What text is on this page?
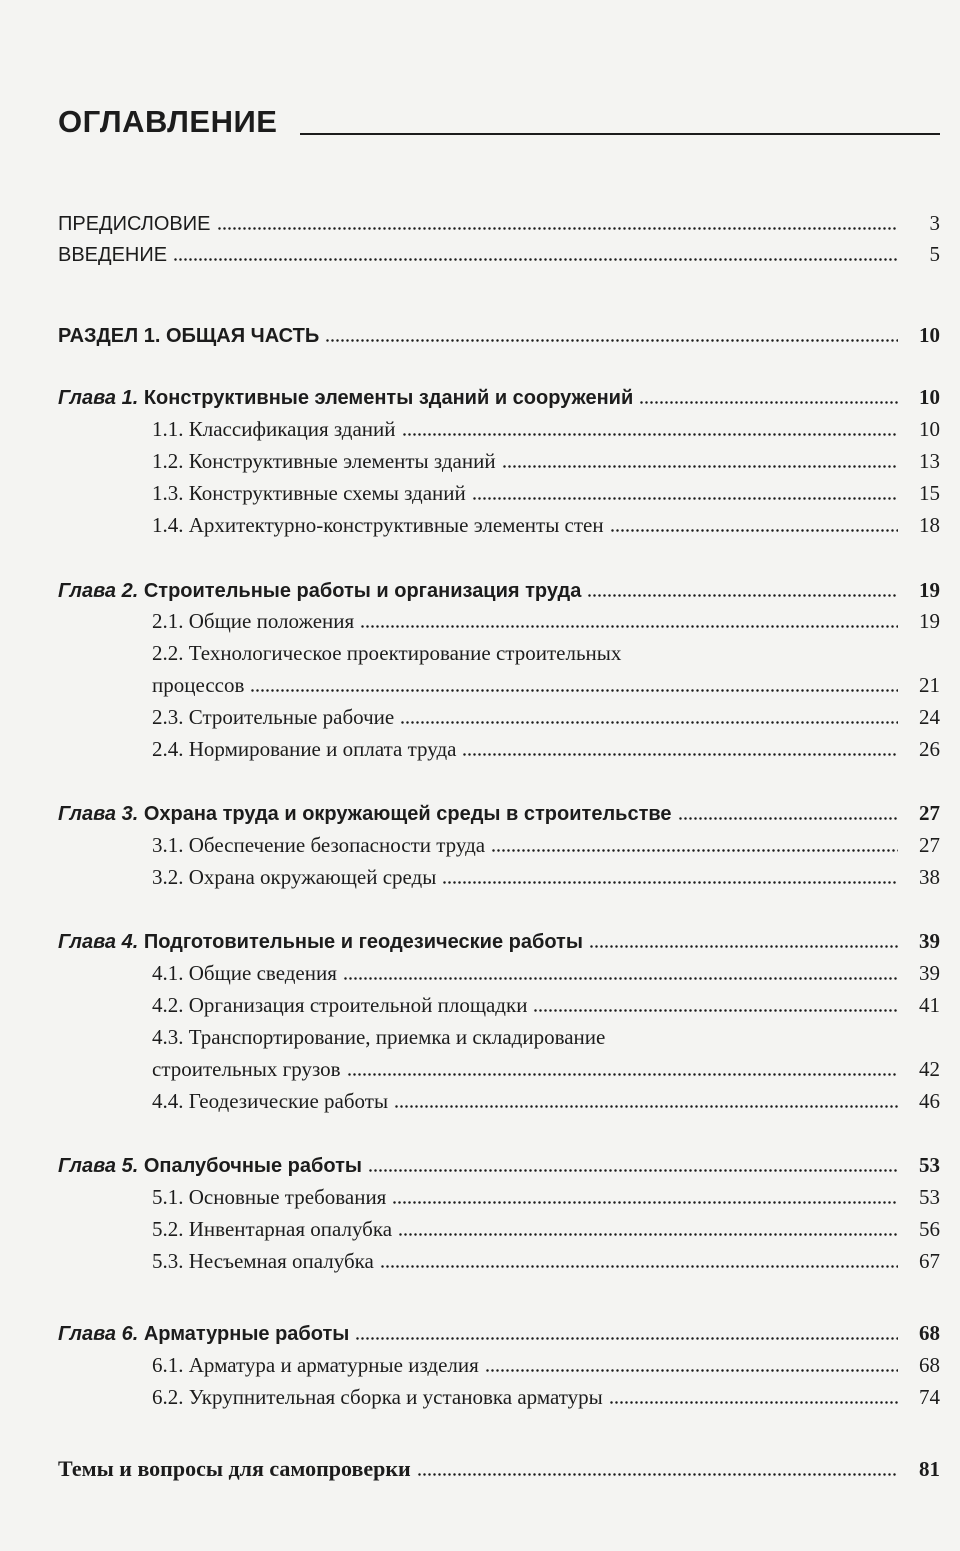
ОГЛАВЛЕНИЕ
ПРЕДИСЛОВИЕ	3
ВВЕДЕНИЕ	5
РАЗДЕЛ 1. ОБЩАЯ ЧАСТЬ	10
Глава 1. Конструктивные элементы зданий и сооружений	10
1.1. Классификация зданий	10
1.2. Конструктивные элементы зданий	13
1.3. Конструктивные схемы зданий	15
1.4. Архитектурно-конструктивные элементы стен	18
Глава 2. Строительные работы и организация труда	19
2.1. Общие положения	19
2.2. Технологическое проектирование строительных
процессов	21
2.3. Строительные рабочие	24
2.4. Нормирование и оплата труда	26
Глава 3. Охрана труда и окружающей среды в строительстве	27
3.1. Обеспечение безопасности труда	27
3.2. Охрана окружающей среды	38
Глава 4. Подготовительные и геодезические работы	39
4.1. Общие сведения	39
4.2. Организация строительной площадки	41
4.3. Транспортирование, приемка и складирование
строительных грузов	42
4.4. Геодезические работы	46
Глава 5. Опалубочные работы	53
5.1. Основные требования	53
5.2. Инвентарная опалубка	56
5.3. Несъемная опалубка	67
Глава 6. Арматурные работы	68
6.1. Арматура и арматурные изделия	68
6.2. Укрупнительная сборка и установка арматуры	74
Темы и вопросы для самопроверки	81
